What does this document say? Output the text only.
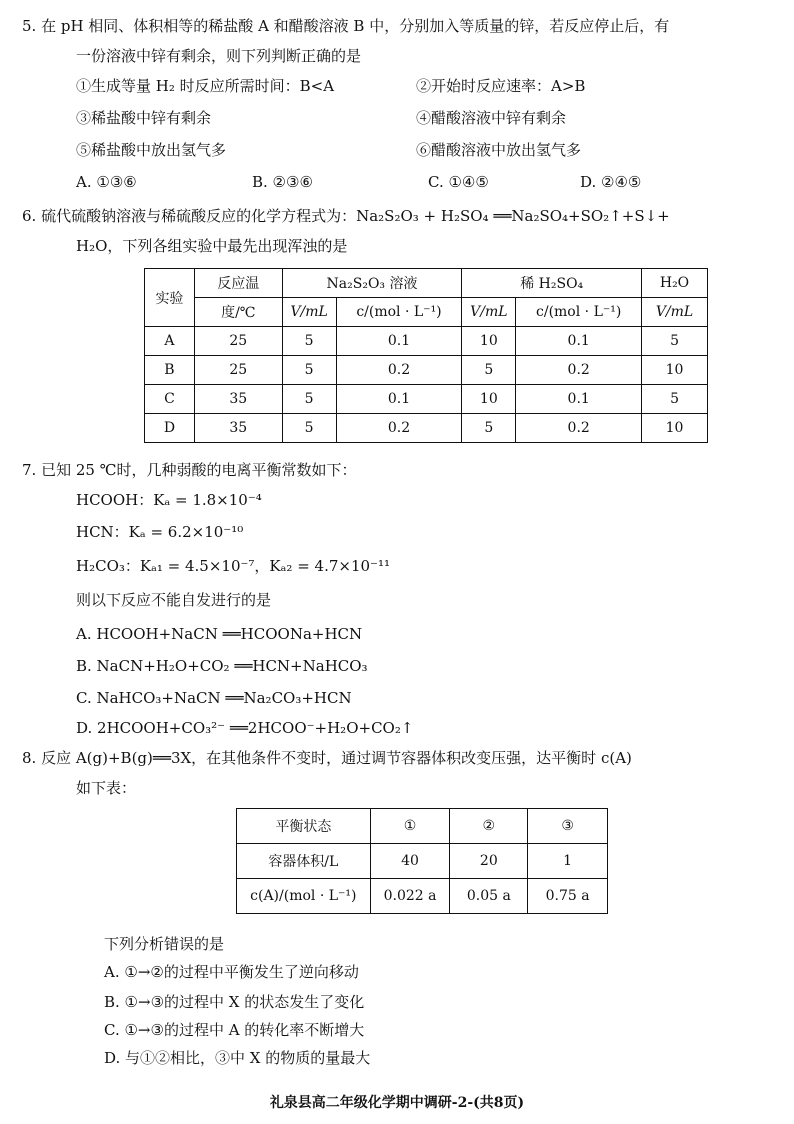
5. 在 pH 相同、体积相等的稀盐酸 A 和醋酸溶液 B 中，分别加入等质量的锌，若反应停止后，有
一份溶液中锌有剩余，则下列判断正确的是
①生成等量 H₂ 时反应所需时间：B<A	②开始时反应速率：A>B
③稀盐酸中锌有剩余	④醋酸溶液中锌有剩余
⑤稀盐酸中放出氢气多	⑥醋酸溶液中放出氢气多
A. ①③⑥	B. ②③⑥	C. ①④⑤	D. ②④⑤
6. 硫代硫酸钠溶液与稀硫酸反应的化学方程式为：Na₂S₂O₃ + H₂SO₄ ══Na₂SO₄+SO₂↑+S↓+
H₂O，下列各组实验中最先出现浑浊的是
实验	反应温	Na₂S₂O₃ 溶液		稀 H₂SO₄		H₂O
	度/℃	V/mL	c/(mol · L⁻¹)	V/mL	c/(mol · L⁻¹)	V/mL
A	25	5	0.1	10	0.1	5
B	25	5	0.2	5	0.2	10
C	35	5	0.1	10	0.1	5
D	35	5	0.2	5	0.2	10
7. 已知 25 ℃时，几种弱酸的电离平衡常数如下：
HCOOH：Kₐ = 1.8×10⁻⁴
HCN：Kₐ = 6.2×10⁻¹⁰
H₂CO₃：Kₐ₁ = 4.5×10⁻⁷，Kₐ₂ = 4.7×10⁻¹¹
则以下反应不能自发进行的是
A. HCOOH+NaCN ══HCOONa+HCN
B. NaCN+H₂O+CO₂ ══HCN+NaHCO₃
C. NaHCO₃+NaCN ══Na₂CO₃+HCN
D. 2HCOOH+CO₃²⁻ ══2HCOO⁻+H₂O+CO₂↑
8. 反应 A(g)+B(g)══3X，在其他条件不变时，通过调节容器体积改变压强，达平衡时 c(A)
如下表：
平衡状态	①	②	③
容器体积/L	40	20	1
c(A)/(mol · L⁻¹)	0.022 a	0.05 a	0.75 a
下列分析错误的是
A. ①→②的过程中平衡发生了逆向移动
B. ①→③的过程中 X 的状态发生了变化
C. ①→③的过程中 A 的转化率不断增大
D. 与①②相比，③中 X 的物质的量最大
礼泉县高二年级化学期中调研-2-(共8页)
